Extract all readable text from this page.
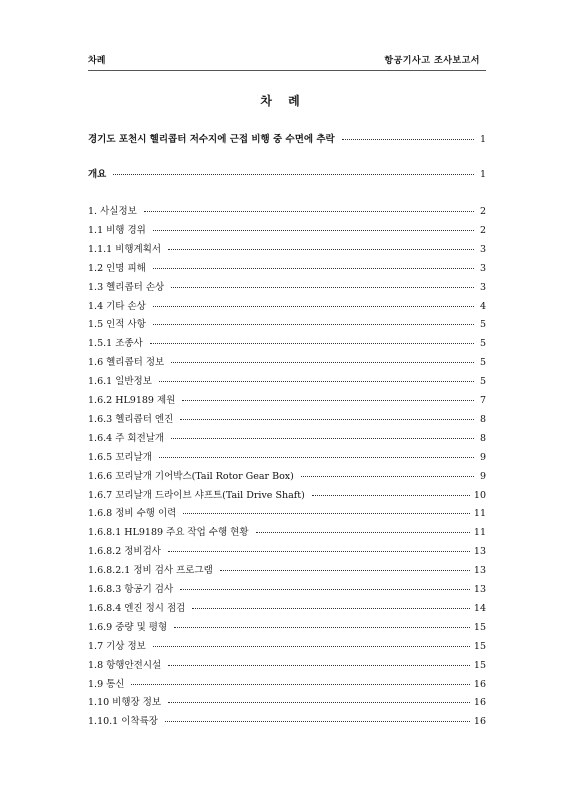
차례	항공기사고 조사보고서
차 례
경기도 포천시 헬리콥터 저수지에 근접 비행 중 수면에 추락	1
개요	1
1. 사실정보	2
1.1 비행 경위	2
1.1.1 비행계획서	3
1.2 인명 피해	3
1.3 헬리콥터 손상	3
1.4 기타 손상	4
1.5 인적 사항	5
1.5.1 조종사	5
1.6 헬리콥터 정보	5
1.6.1 일반정보	5
1.6.2 HL9189 제원	7
1.6.3 헬리콥터 엔진	8
1.6.4 주 회전날개	8
1.6.5 꼬리날개	9
1.6.6 꼬리날개 기어박스(Tail Rotor Gear Box)	9
1.6.7 꼬리날개 드라이브 샤프트(Tail Drive Shaft)	10
1.6.8 정비 수행 이력	11
1.6.8.1 HL9189 주요 작업 수행 현황	11
1.6.8.2 정비검사	13
1.6.8.2.1 정비 검사 프로그램	13
1.6.8.3 항공기 검사	13
1.6.8.4 엔진 정시 점검	14
1.6.9 중량 및 평형	15
1.7 기상 정보	15
1.8 항행안전시설	15
1.9 통신	16
1.10 비행장 정보	16
1.10.1 이착륙장	16
